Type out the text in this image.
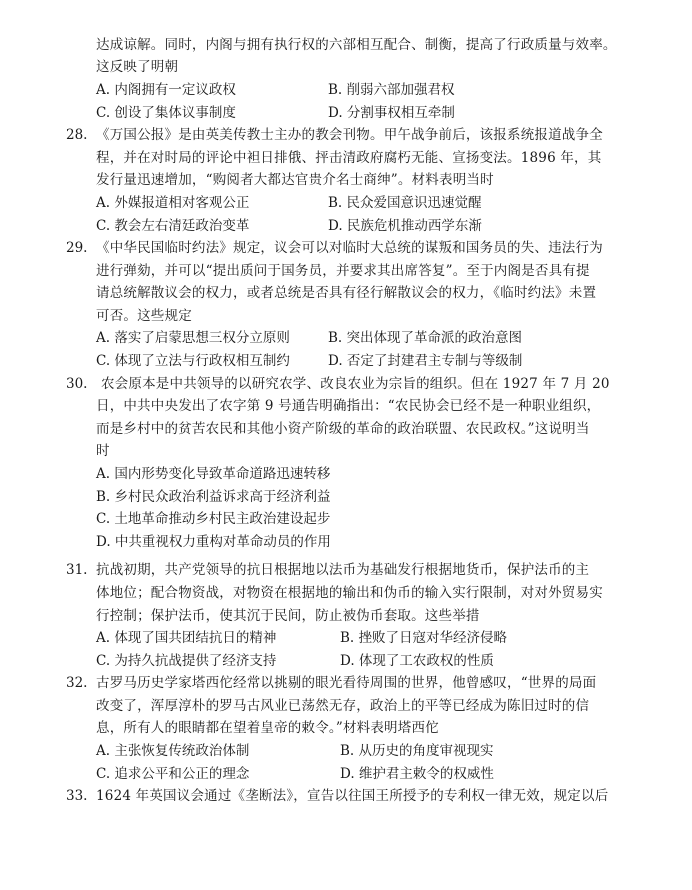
达成谅解。同时，内阁与拥有执行权的六部相互配合、制衡，提高了行政质量与效率。
这反映了明朝
A. 内阁拥有一定议政权	B. 削弱六部加强君权
C. 创设了集体议事制度	D. 分割事权相互牵制
28. 《万国公报》是由英美传教士主办的教会刊物。甲午战争前后，该报系统报道战争全
程，并在对时局的评论中袒日排俄、抨击清政府腐朽无能、宣扬变法。1896 年，其
发行量迅速增加，“购阅者大都达官贵介名士商绅”。材料表明当时
A. 外媒报道相对客观公正	B. 民众爱国意识迅速觉醒
C. 教会左右清廷政治变革	D. 民族危机推动西学东渐
29. 《中华民国临时约法》规定，议会可以对临时大总统的谋叛和国务员的失、违法行为
进行弹劾，并可以“提出质问于国务员，并要求其出席答复”。至于内阁是否具有提
请总统解散议会的权力，或者总统是否具有径行解散议会的权力，《临时约法》未置
可否。这些规定
A. 落实了启蒙思想三权分立原则	B. 突出体现了革命派的政治意图
C. 体现了立法与行政权相互制约	D. 否定了封建君主专制与等级制
30. 农会原本是中共领导的以研究农学、改良农业为宗旨的组织。但在 1927 年 7 月 20
日，中共中央发出了农字第 9 号通告明确指出：“农民协会已经不是一种职业组织，
而是乡村中的贫苦农民和其他小资产阶级的革命的政治联盟、农民政权。”这说明当
时
A. 国内形势变化导致革命道路迅速转移
B. 乡村民众政治利益诉求高于经济利益
C. 土地革命推动乡村民主政治建设起步
D. 中共重视权力重构对革命动员的作用
31. 抗战初期，共产党领导的抗日根据地以法币为基础发行根据地货币，保护法币的主
体地位；配合物资战，对物资在根据地的输出和伪币的输入实行限制，对对外贸易实
行控制；保护法币，使其沉于民间，防止被伪币套取。这些举措
A. 体现了国共团结抗日的精神	B. 挫败了日寇对华经济侵略
C. 为持久抗战提供了经济支持	D. 体现了工农政权的性质
32. 古罗马历史学家塔西佗经常以挑剔的眼光看待周围的世界，他曾感叹，“世界的局面
改变了，浑厚淳朴的罗马古风业已荡然无存，政治上的平等已经成为陈旧过时的信
息，所有人的眼睛都在望着皇帝的敕令。”材料表明塔西佗
A. 主张恢复传统政治体制	B. 从历史的角度审视现实
C. 追求公平和公正的理念	D. 维护君主敕令的权威性
33. 1624 年英国议会通过《垄断法》，宣告以往国王所授予的专利权一律无效，规定以后
